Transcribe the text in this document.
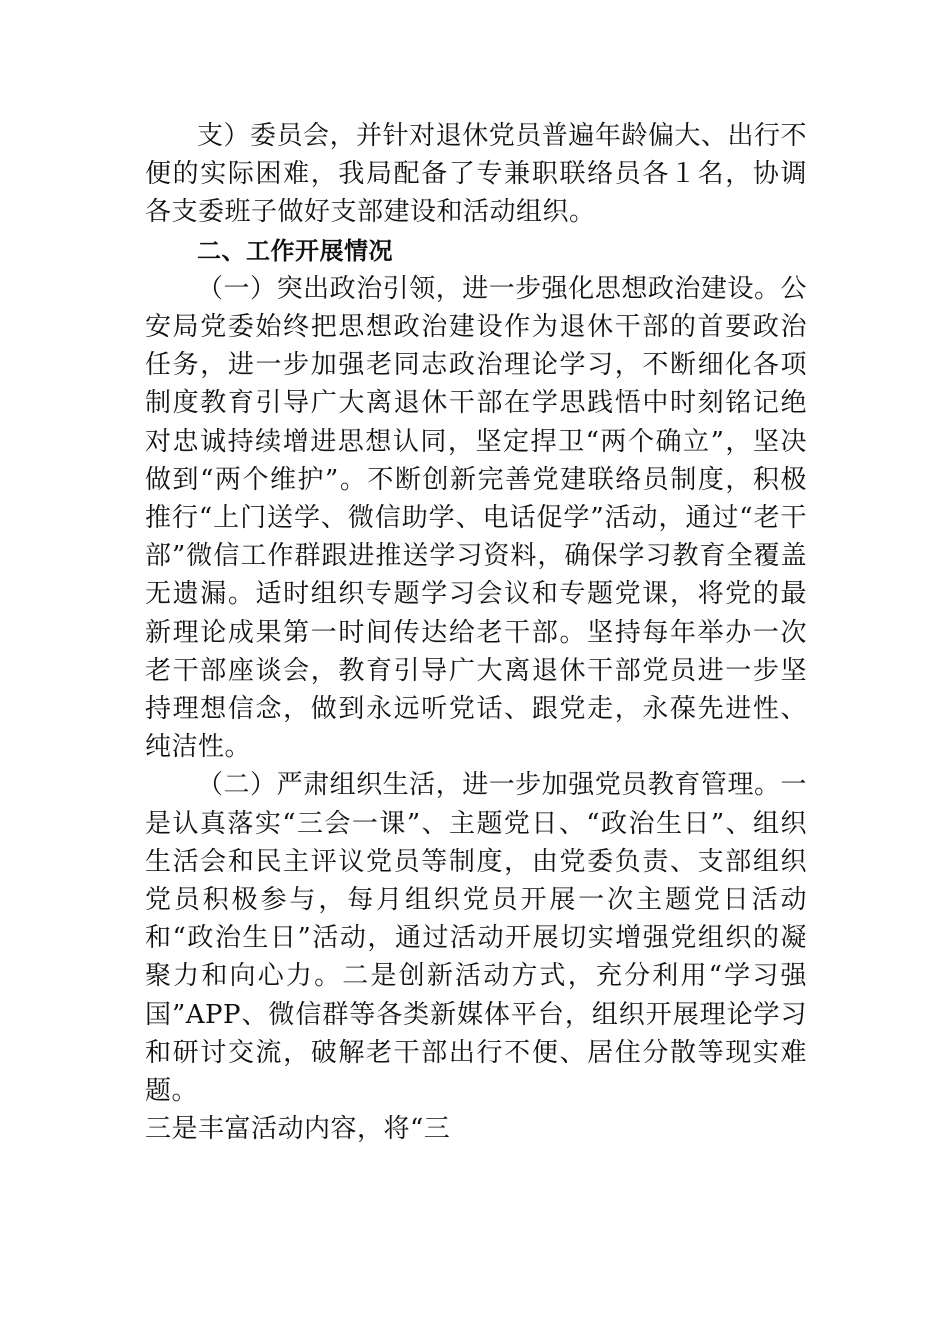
支）委员会，并针对退休党员普遍年龄偏大、出行不便的实际困难，我局配备了专兼职联络员各１名，协调各支委班子做好支部建设和活动组织。

二、工作开展情况

（一）突出政治引领，进一步强化思想政治建设。公安局党委始终把思想政治建设作为退休干部的首要政治任务，进一步加强老同志政治理论学习，不断细化各项制度教育引导广大离退休干部在学思践悟中时刻铭记绝对忠诚持续增进思想认同，坚定捍卫“两个确立”，坚决做到“两个维护”。不断创新完善党建联络员制度，积极推行“上门送学、微信助学、电话促学”活动，通过“老干部”微信工作群跟进推送学习资料，确保学习教育全覆盖无遗漏。适时组织专题学习会议和专题党课，将党的最新理论成果第一时间传达给老干部。坚持每年举办一次老干部座谈会，教育引导广大离退休干部党员进一步坚持理想信念，做到永远听党话、跟党走，永葆先进性、纯洁性。

（二）严肃组织生活，进一步加强党员教育管理。一是认真落实“三会一课”、主题党日、“政治生日”、组织生活会和民主评议党员等制度，由党委负责、支部组织党员积极参与，每月组织党员开展一次主题党日活动和“政治生日”活动，通过活动开展切实增强党组织的凝聚力和向心力。二是创新活动方式，充分利用“学习强国”APP、微信群等各类新媒体平台，组织开展理论学习和研讨交流，破解老干部出行不便、居住分散等现实难题。

三是丰富活动内容，将“三
